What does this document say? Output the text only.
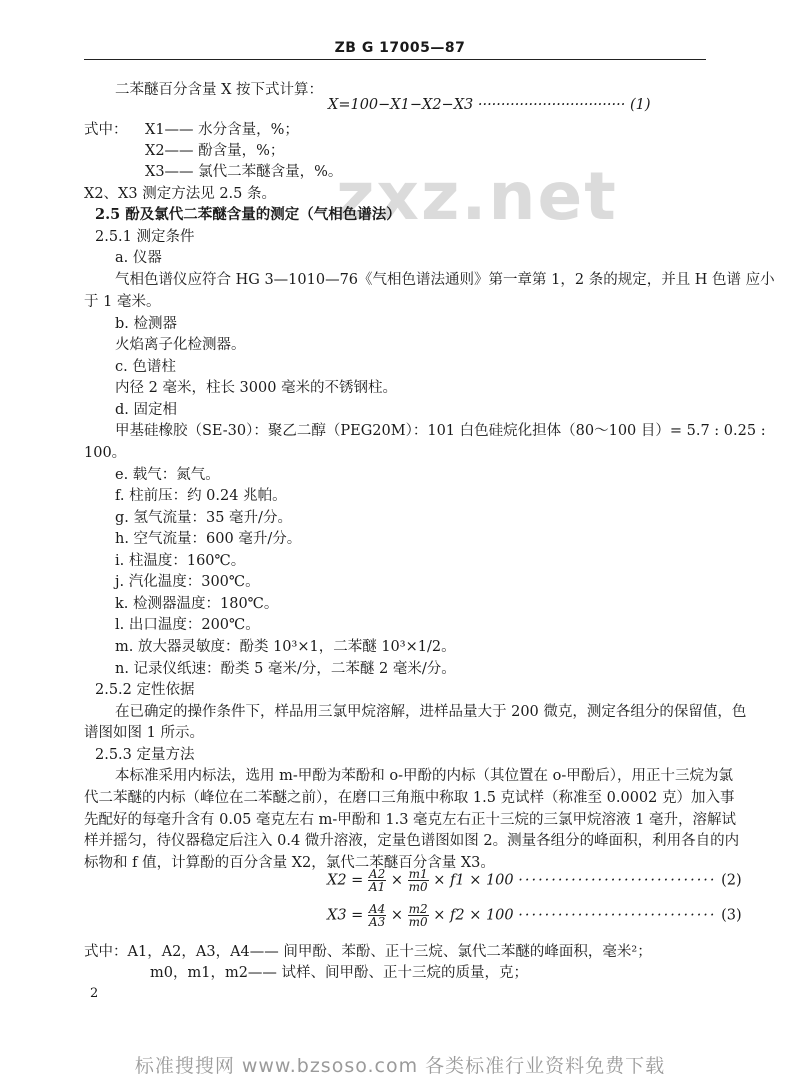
ZB G 17005—87
zxz.net
二苯醚百分含量 X 按下式计算：
X=100−X1−X2−X3 ································ (1)
式中： X1—— 水分含量，%；
X2—— 酚含量，%；
X3—— 氯代二苯醚含量，%。
X2、X3 测定方法见 2.5 条。
2.5 酚及氯代二苯醚含量的测定（气相色谱法）
2.5.1 测定条件
a. 仪器
气相色谱仪应符合 HG 3—1010—76《气相色谱法通则》第一章第 1，2 条的规定，并且 H 色谱 应小
于 1 毫米。
b. 检测器
火焰离子化检测器。
c. 色谱柱
内径 2 毫米，柱长 3000 毫米的不锈钢柱。
d. 固定相
甲基硅橡胶（SE-30）：聚乙二醇（PEG20M）：101 白色硅烷化担体（80～100 目）= 5.7 : 0.25 :
100。
e. 载气：氮气。
f. 柱前压：约 0.24 兆帕。
g. 氢气流量：35 毫升/分。
h. 空气流量：600 毫升/分。
i. 柱温度：160℃。
j. 汽化温度：300℃。
k. 检测器温度：180℃。
l. 出口温度：200℃。
m. 放大器灵敏度：酚类 10³×1，二苯醚 10³×1/2。
n. 记录仪纸速：酚类 5 毫米/分，二苯醚 2 毫米/分。
2.5.2 定性依据
在已确定的操作条件下，样品用三氯甲烷溶解，进样品量大于 200 微克，测定各组分的保留值，色
谱图如图 1 所示。
2.5.3 定量方法
本标准采用内标法，选用 m-甲酚为苯酚和 o-甲酚的内标（其位置在 o-甲酚后），用正十三烷为氯
代二苯醚的内标（峰位在二苯醚之前），在磨口三角瓶中称取 1.5 克试样（称准至 0.0002 克）加入事
先配好的每毫升含有 0.05 毫克左右 m-甲酚和 1.3 毫克左右正十三烷的三氯甲烷溶液 1 毫升，溶解试
样并摇匀，待仪器稳定后注入 0.4 微升溶液，定量色谱图如图 2。测量各组分的峰面积，利用各自的内
标物和 f 值，计算酚的百分含量 X2，氯代二苯醚百分含量 X3。
$X2 = \frac{A2}{A1} \times \frac{m1}{m0} \times f1 \times 100$ ······························ (2)
$X3 = \frac{A4}{A3} \times \frac{m2}{m0} \times f2 \times 100$ ······························ (3)
式中：A1，A2，A3，A4—— 间甲酚、苯酚、正十三烷、氯代二苯醚的峰面积，毫米²；
m0，m1，m2—— 试样、间甲酚、正十三烷的质量，克；
2
标准搜搜网 www.bzsoso.com 各类标准行业资料免费下载
